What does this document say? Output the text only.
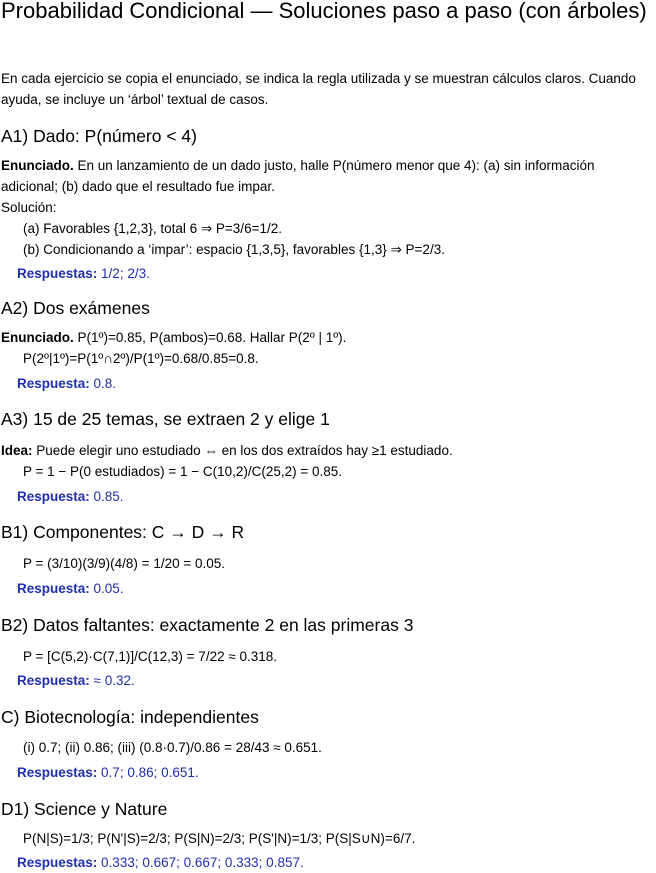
Probabilidad Condicional — Soluciones paso a paso (con árboles)

En cada ejercicio se copia el enunciado, se indica la regla utilizada y se muestran cálculos claros. Cuando ayuda, se incluye un ‘árbol’ textual de casos.

A1) Dado: P(número < 4)

Enunciado. En un lanzamiento de un dado justo, halle P(número menor que 4): (a) sin información adicional; (b) dado que el resultado fue impar.

Solución:

(a) Favorables {1,2,3}, total 6 ⇒ P=3/6=1/2.

(b) Condicionando a ‘impar’: espacio {1,3,5}, favorables {1,3} ⇒ P=2/3.

Respuestas: 1/2; 2/3.

A2) Dos exámenes

Enunciado. P(1º)=0.85, P(ambos)=0.68. Hallar P(2º | 1º).

P(2º|1º)=P(1º∩2º)/P(1º)=0.68/0.85=0.8.

Respuesta: 0.8.

A3) 15 de 25 temas, se extraen 2 y elige 1

Idea: Puede elegir uno estudiado ⇔ en los dos extraídos hay ≥1 estudiado.

P = 1 − P(0 estudiados) = 1 − C(10,2)/C(25,2) = 0.85.

Respuesta: 0.85.

B1) Componentes: C → D → R

P = (3/10)(3/9)(4/8) = 1/20 = 0.05.

Respuesta: 0.05.

B2) Datos faltantes: exactamente 2 en las primeras 3

P = [C(5,2)·C(7,1)]/C(12,3) = 7/22 ≈ 0.318.

Respuesta: ≈ 0.32.

C) Biotecnología: independientes

(i) 0.7; (ii) 0.86; (iii) (0.8·0.7)/0.86 = 28/43 ≈ 0.651.

Respuestas: 0.7; 0.86; 0.651.

D1) Science y Nature

P(N|S)=1/3; P(N'|S)=2/3; P(S|N)=2/3; P(S'|N)=1/3; P(S|S∪N)=6/7.

Respuestas: 0.333; 0.667; 0.667; 0.333; 0.857.
